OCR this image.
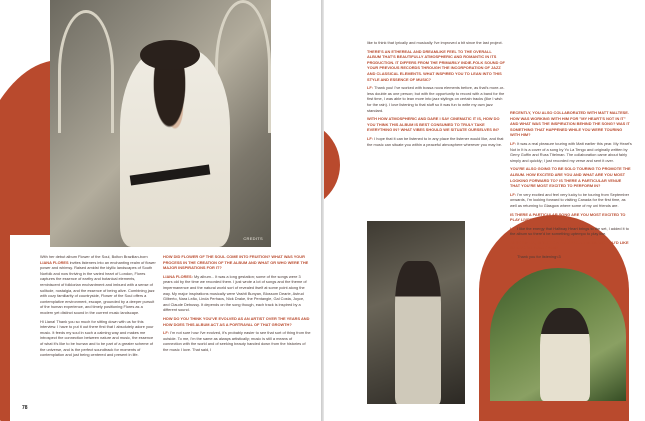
CREDITS

With her debut album Flower of the Soul, Bolton Brazilian-born LIANA FLORES invites listeners into an enchanting realm of flower power and whimsy. Raised amidst the idyllic landscapes of South Norfolk and now thriving in the varied heart of London, Flores captures the essence of earthy and botanical elements, reminiscent of folklorian enchantment and imbued with a sense of solitude, nostalgia, and the essence of being alive. Combining jazz with cozy familiarity of countryside, Flower of the Soul offers a contemplative environment, escape, grounded by a deeper pursuit of the human experience, and timely positioning Flores as a modern yet distinct sound in the current music landscape.

Hi Liana! Thank you so much for sitting down with us for this interview. I have to put it out there first that I absolutely adore your music. It feeds my soul in such a calming way and makes me introspect the connection between nature and music, the essence of what it's like to be human and to be part of a greater scheme of the universe, and is the perfect soundtrack for moments of contemplation and just being centered and present in life.

HOW DID FLOWER OF THE SOUL COME INTO FRUITION? WHAT WAS YOUR PROCESS IN THE CREATION OF THE ALBUM AND WHAT OR WHO WERE THE MAJOR INSPIRATIONS FOR IT?

LIANA FLORES: My album... It was a long gestation; some of the songs were 3 years old by the time we recorded them. I just wrote a lot of songs and the theme of impermanence and the natural world sort of revealed itself at some point along the way. My major inspirations musically were Vashti Bunyan, Blossom Dearie, Astrud Gilberto, Nara Leão, Linda Perhacs, Nick Drake, the Pentangle, Gal Costa, Joyce, and Claude Debussy. It depends on the song though, each track is inspired by a different sound.

HOW DO YOU THINK YOU'VE EVOLVED AS AN ARTIST OVER THE YEARS AND HOW DOES THIS ALBUM ACT AS A PORTRAYAL OF THAT GROWTH?

LF: I'm not sure how I've evolved, it's probably easier to see that sort of thing from the outside. To me, I'm the same as always artistically; music is still a means of connection with the world and of seeking beauty handed down from the histories of the music I love. That said, I

78

like to think that lyrically and musically I've improved a bit since the last project.

THERE'S AN ETHEREAL AND DREAMLIKE FEEL TO THE OVERALL ALBUM THAT'S BEAUTIFULLY ATMOSPHERIC AND ROMANTIC IN ITS PRODUCTION. IT DIFFERS FROM THE PRIMARILY INDIE-FOLK SOUND OF YOUR PREVIOUS RECORDS THROUGH THE INCORPORATION OF JAZZ AND CLASSICAL ELEMENTS. WHAT INSPIRED YOU TO LEAN INTO THIS STYLE AND ESSENCE OF MUSIC?

LF: Thank you! I've worked with bossa nova elements before, as that's more-or-less double as one person; but with the opportunity to record with a band for the first time, I was able to lean more into jazz stylings on certain tracks (like I wish for the rain). I love listening to that stuff so it was fun to write my own jazz standard.

WITH HOW ATMOSPHERIC AND DARE I SAY CINEMATIC IT IS, HOW DO YOU THINK THIS ALBUM IS BEST CONSUMED TO TRULY TAKE EVERYTHING IN? WHAT VIBES SHOULD WE SITUATE OURSELVES IN?

LF: I hope that it can be listened to in any place the listener would like, and that the music can situate you within a peaceful atmosphere wherever you may be.

RECENTLY, YOU ALSO COLLABORATED WITH MATT MALTESE. HOW WAS WORKING WITH HIM FOR "MY HEART'S NOT IN IT" AND WHAT WAS THE INSPIRATION BEHIND THE SONG? WAS IT SOMETHING THAT HAPPENED WHILE YOU WERE TOURING WITH HIM?

LF: It was a real pleasure touring with Matt earlier this year. My Heart's Not in It is a cover of a song by Yo La Tengo and originally written by Gerry Goffin and Russ Titelman. The collaboration came about fairly simply and quickly; I just recorded my verse and sent it over.

YOU'RE ALSO GOING TO BE SOLO TOURING TO PROMOTE THE ALBUM. HOW EXCITED ARE YOU AND WHAT ARE YOU MOST LOOKING FORWARD TO? IS THERE A PARTICULAR VENUE THAT YOU'RE MOST EXCITED TO PERFORM IN?

LF: I'm very excited and feel very lucky to be touring from September onwards, I'm looking forward to visiting Canada for the first time, as well as returning to Glasgow where some of my uni friends are.

IS THERE A PARTICULAR SONG ARE YOU MOST EXCITED TO PLAY LIVE?

LF: I like the energy that Halfway Heart brings to the set, I added it to the album so there'd be something uptempo to play live.

AND FINALLY, IS THERE A PARTICULAR MESSAGE YOU'D LIKE TO GIVE TO YOUR FANS?

LF: Thank you for listening<3
